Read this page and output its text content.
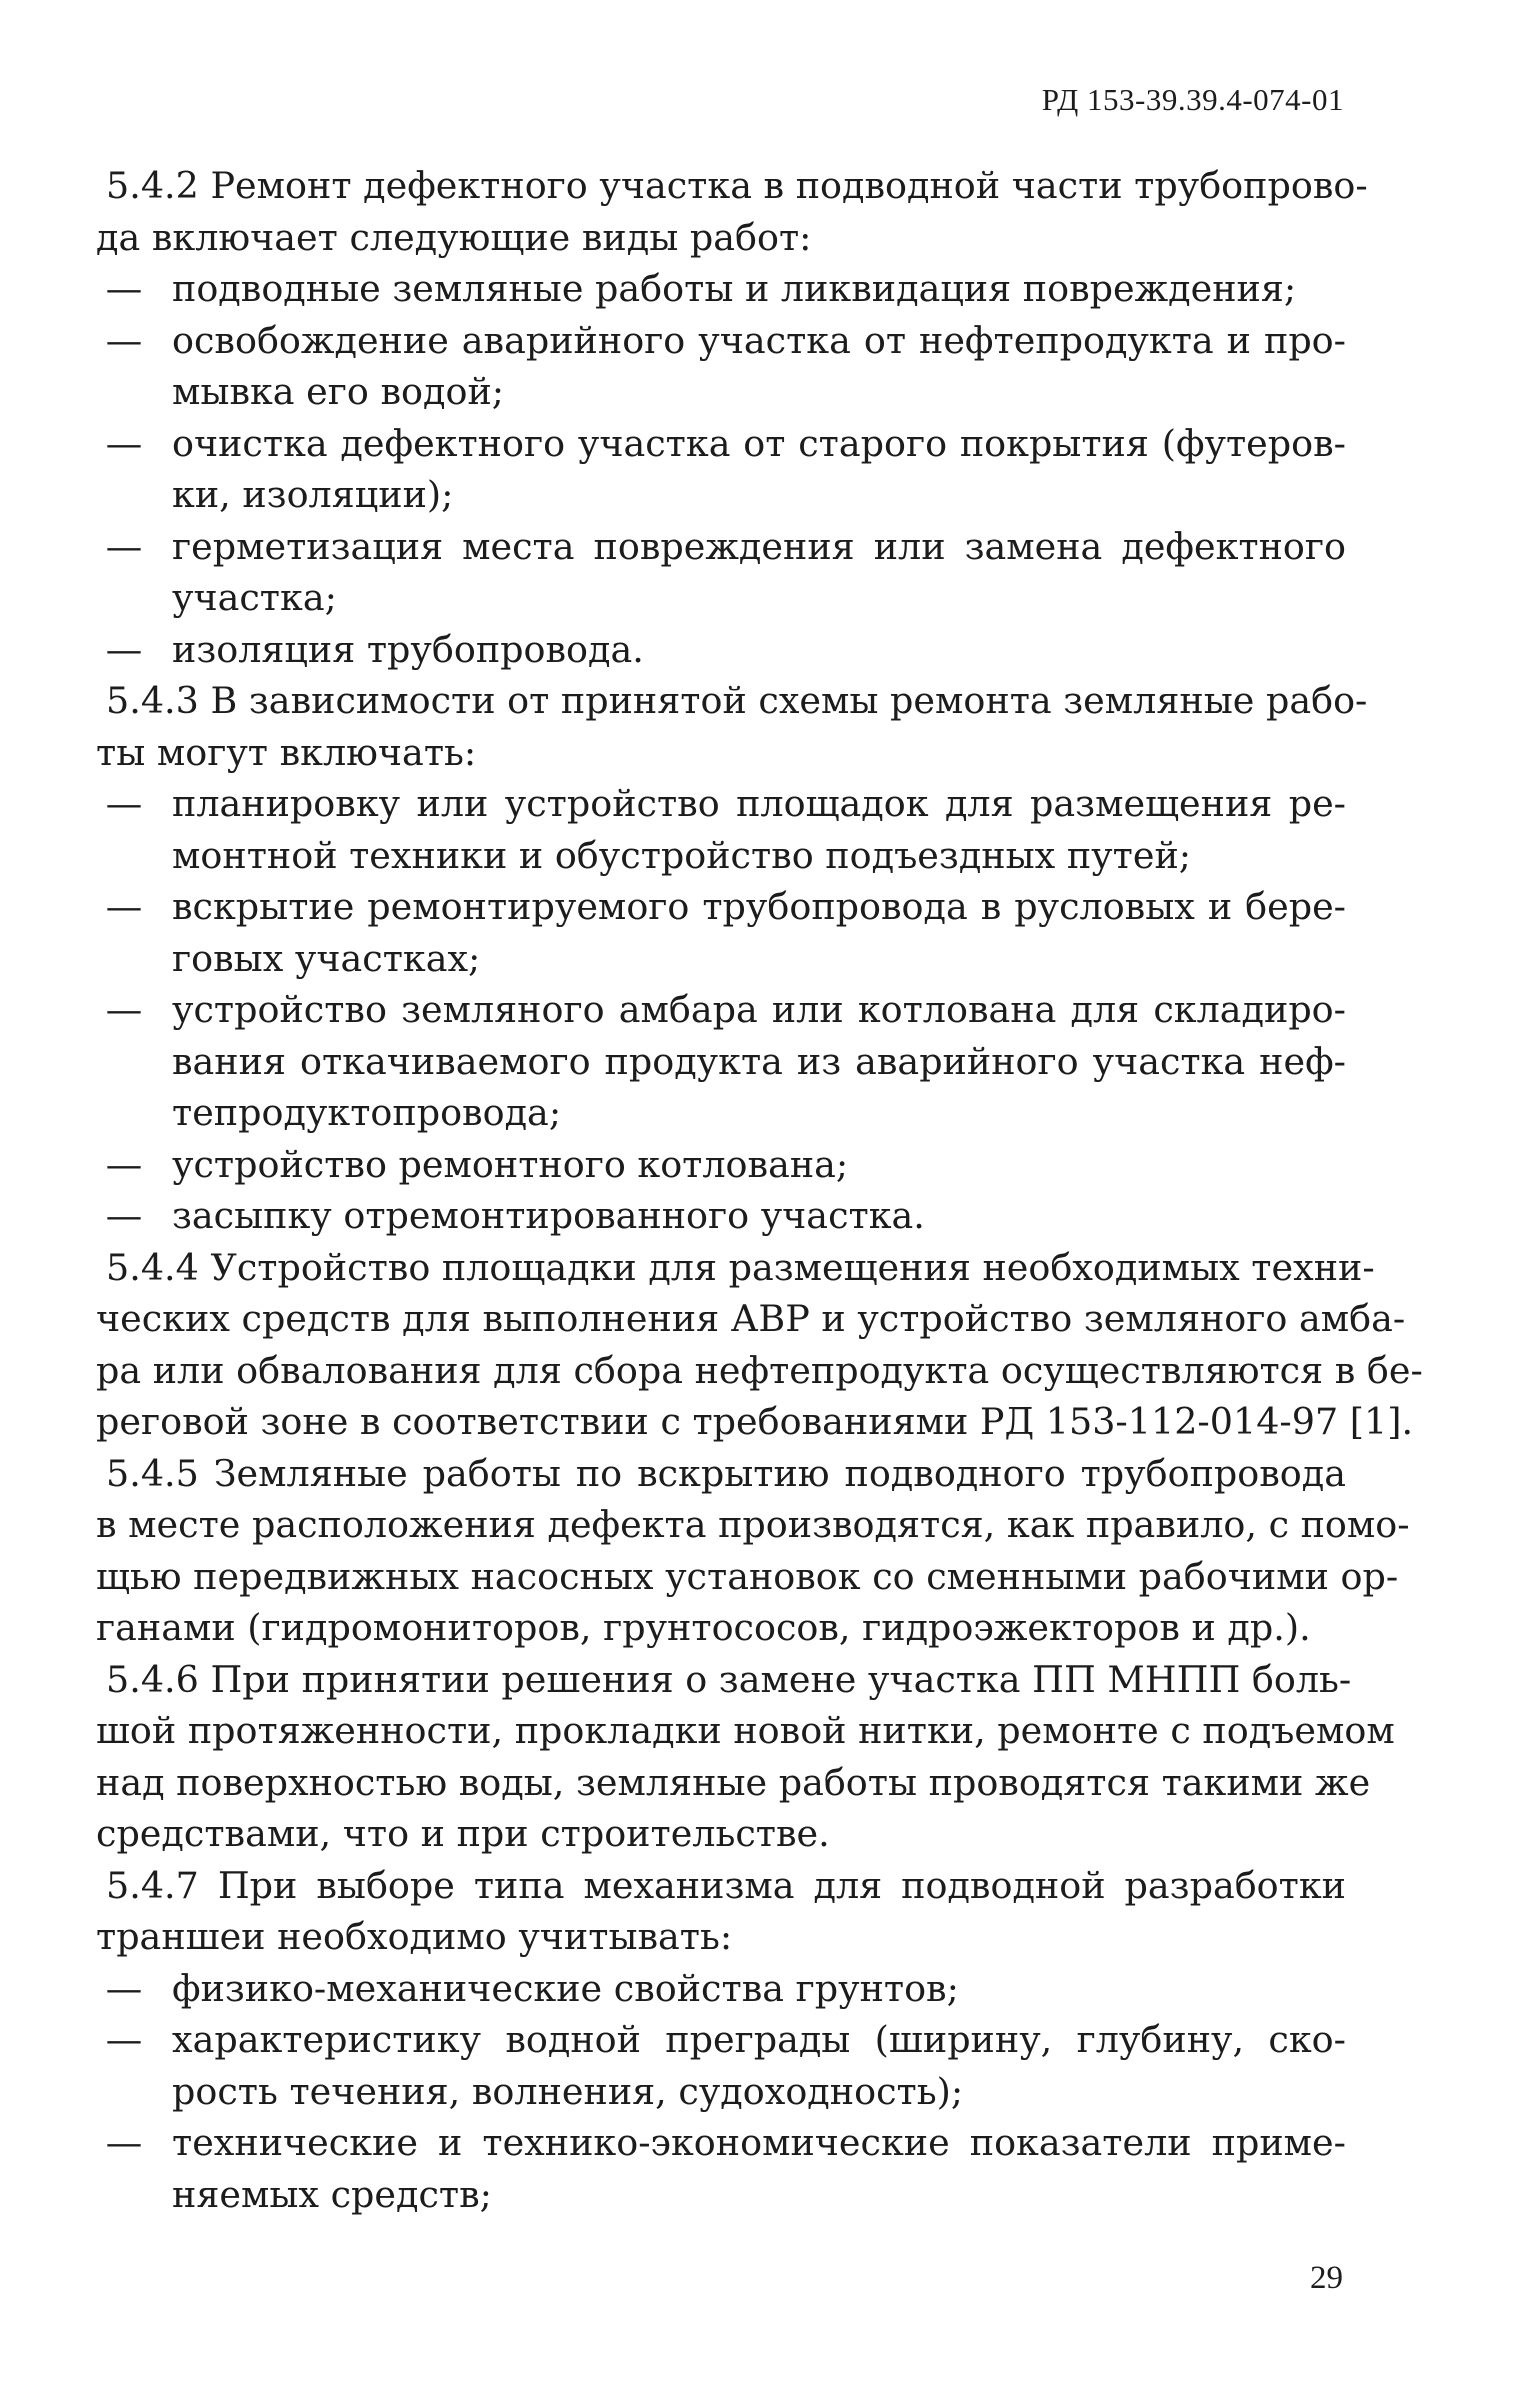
РД 153-39.39.4-074-01
5.4.2 Ремонт дефектного участка в подводной части трубопрово-
да включает следующие виды работ:
— подводные земляные работы и ликвидация повреждения;
— освобождение аварийного участка от нефтепродукта и про-
мывка его водой;
— очистка дефектного участка от старого покрытия (футеров-
ки, изоляции);
— герметизация места повреждения или замена дефектного
участка;
— изоляция трубопровода.
5.4.3 В зависимости от принятой схемы ремонта земляные рабо-
ты могут включать:
— планировку или устройство площадок для размещения ре-
монтной техники и обустройство подъездных путей;
— вскрытие ремонтируемого трубопровода в русловых и бере-
говых участках;
— устройство земляного амбара или котлована для складиро-
вания откачиваемого продукта из аварийного участка неф-
тепродуктопровода;
— устройство ремонтного котлована;
— засыпку отремонтированного участка.
5.4.4 Устройство площадки для размещения необходимых техни-
ческих средств для выполнения АВР и устройство земляного амба-
ра или обвалования для сбора нефтепродукта осуществляются в бе-
реговой зоне в соответствии с требованиями РД 153-112-014-97 [1].
5.4.5 Земляные работы по вскрытию подводного трубопровода
в месте расположения дефекта производятся, как правило, с помо-
щью передвижных насосных установок со сменными рабочими ор-
ганами (гидромониторов, грунтососов, гидроэжекторов и др.).
5.4.6 При принятии решения о замене участка ПП МНПП боль-
шой протяженности, прокладки новой нитки, ремонте с подъемом
над поверхностью воды, земляные работы проводятся такими же
средствами, что и при строительстве.
5.4.7 При выборе типа механизма для подводной разработки
траншеи необходимо учитывать:
— физико-механические свойства грунтов;
— характеристику водной преграды (ширину, глубину, ско-
рость течения, волнения, судоходность);
— технические и технико-экономические показатели приме-
няемых средств;
29
